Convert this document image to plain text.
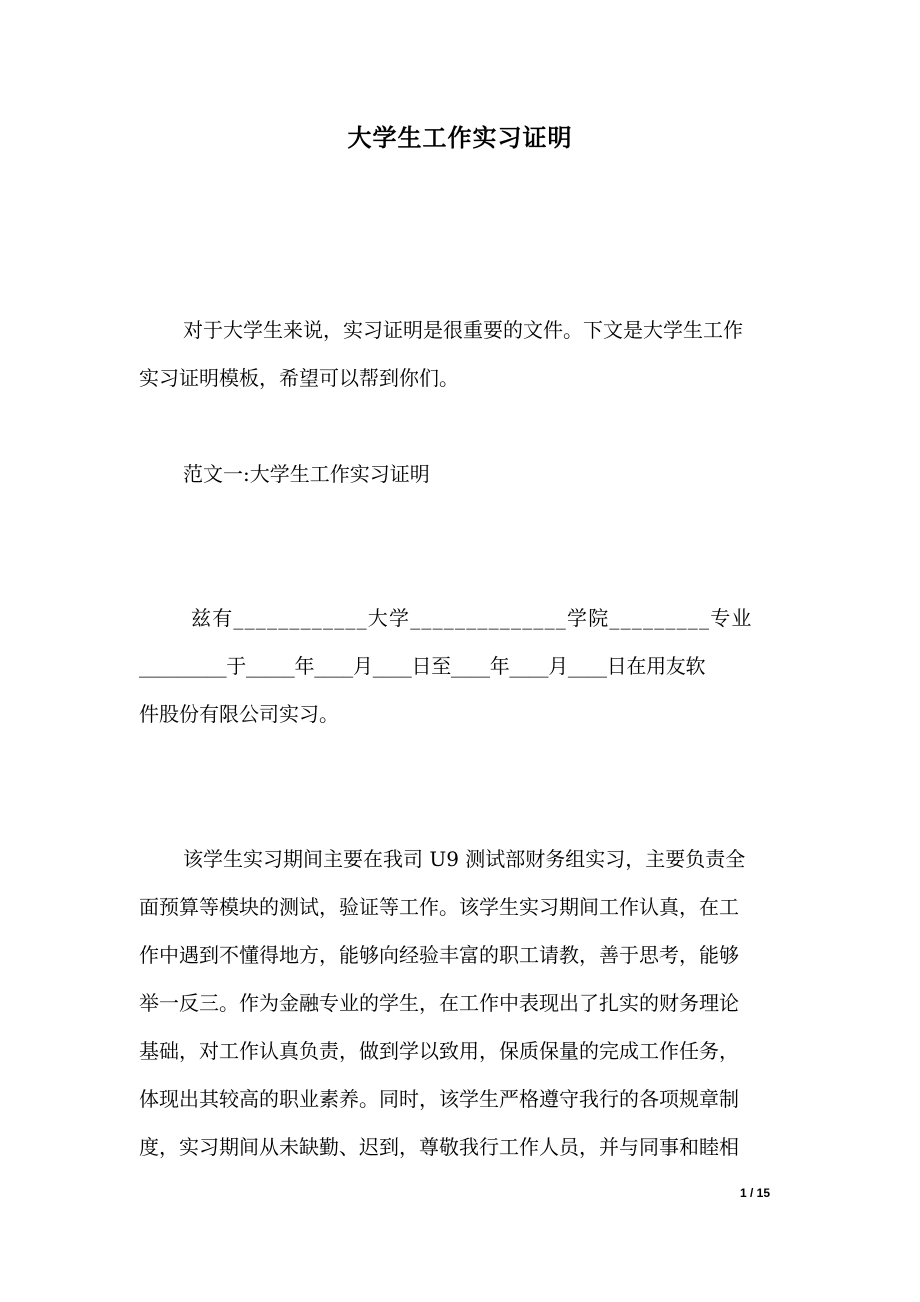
大学生工作实习证明
对于大学生来说，实习证明是很重要的文件。下文是大学生工作
实习证明模板，希望可以帮到你们。
范文一:大学生工作实习证明
兹有____________大学______________学院_________专业
_________于_____年____月____日至____年____月____日在用友软
件股份有限公司实习。
该学生实习期间主要在我司 U9 测试部财务组实习，主要负责全
面预算等模块的测试，验证等工作。该学生实习期间工作认真，在工
作中遇到不懂得地方，能够向经验丰富的职工请教，善于思考，能够
举一反三。作为金融专业的学生，在工作中表现出了扎实的财务理论
基础，对工作认真负责，做到学以致用，保质保量的完成工作任务，
体现出其较高的职业素养。同时，该学生严格遵守我行的各项规章制
度，实习期间从未缺勤、迟到，尊敬我行工作人员，并与同事和睦相
1 / 15
